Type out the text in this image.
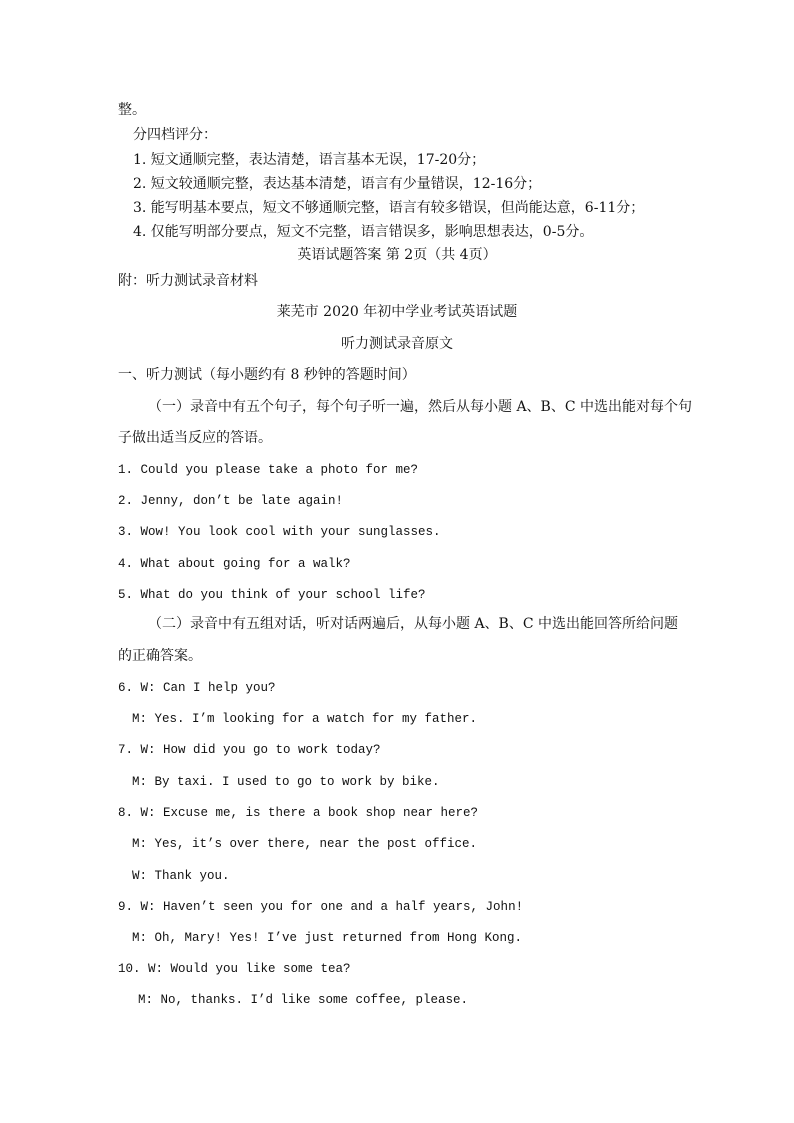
整。
分四档评分：
1. 短文通顺完整，表达清楚，语言基本无误，17-20分；
2. 短文较通顺完整，表达基本清楚，语言有少量错误，12-16分；
3. 能写明基本要点，短文不够通顺完整，语言有较多错误，但尚能达意，6-11分；
4. 仅能写明部分要点，短文不完整，语言错误多，影响思想表达，0-5分。
英语试题答案 第 2页（共 4页）
附：听力测试录音材料
莱芜市 2020 年初中学业考试英语试题
听力测试录音原文
一、听力测试（每小题约有 8 秒钟的答题时间）
（一）录音中有五个句子，每个句子听一遍，然后从每小题 A、B、C 中选出能对每个句
子做出适当反应的答语。
1. Could you please take a photo for me?
2. Jenny, don’t be late again!
3. Wow! You look cool with your sunglasses.
4. What about going for a walk?
5. What do you think of your school life?
（二）录音中有五组对话，听对话两遍后，从每小题 A、B、C 中选出能回答所给问题
的正确答案。
6. W: Can I help you?
M: Yes. I’m looking for a watch for my father.
7. W: How did you go to work today?
M: By taxi. I used to go to work by bike.
8. W: Excuse me, is there a book shop near here?
M: Yes, it’s over there, near the post office.
W: Thank you.
9. W: Haven’t seen you for one and a half years, John!
M: Oh, Mary! Yes! I’ve just returned from Hong Kong.
10. W: Would you like some tea?
M: No, thanks. I’d like some coffee, please.
